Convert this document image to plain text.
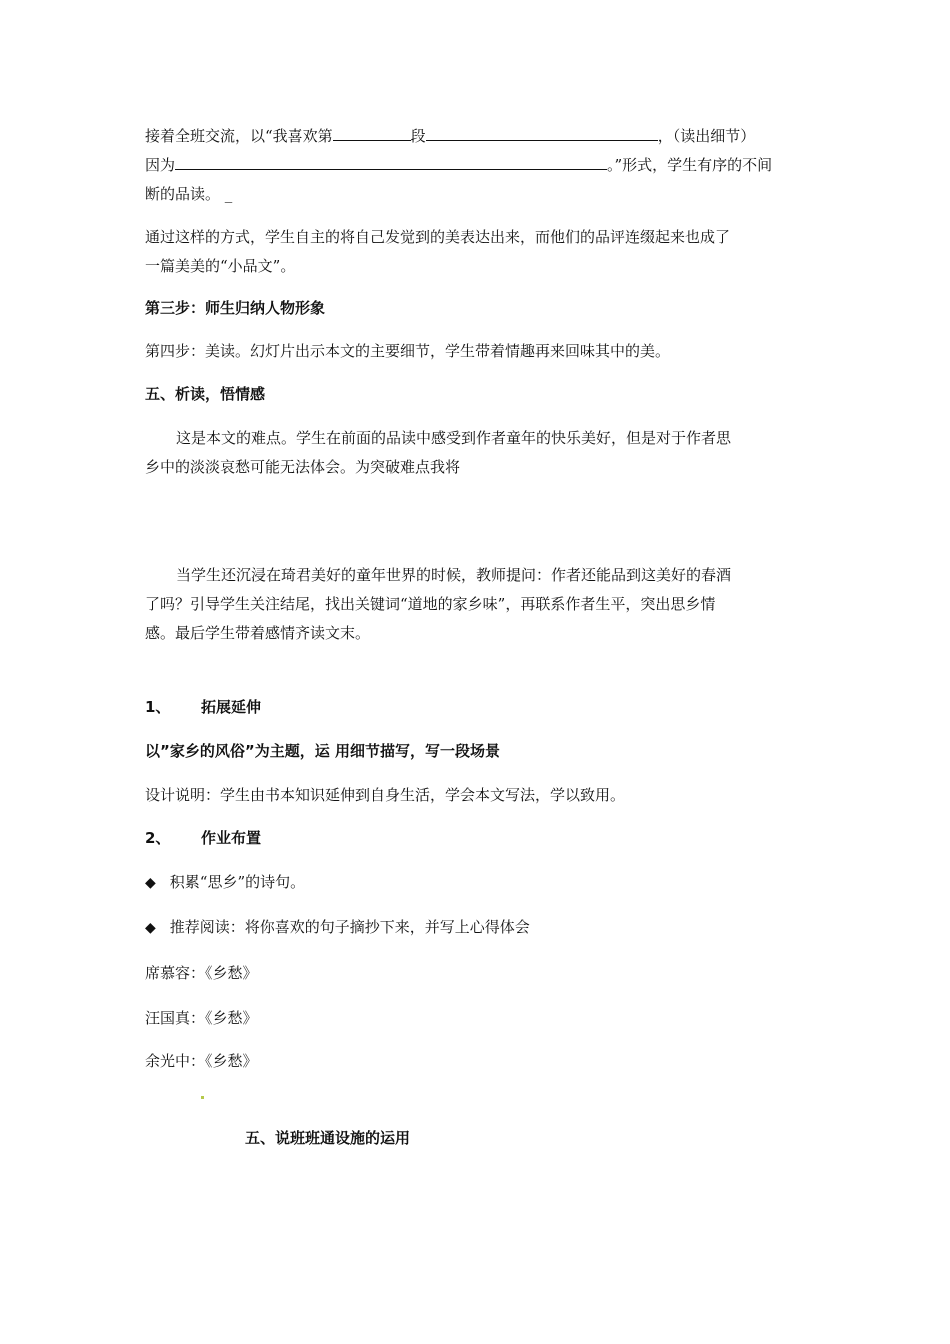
接着全班交流，以“我喜欢第	段	，（读出细节）
因为	。”形式，学生有序的不间
断的品读。 _
通过这样的方式，学生自主的将自己发觉到的美表达出来，而他们的品评连缀起来也成了
一篇美美的“小品文”。
第三步：师生归纳人物形象
第四步：美读。幻灯片出示本文的主要细节，学生带着情趣再来回味其中的美。
五、析读，悟情感
这是本文的难点。学生在前面的品读中感受到作者童年的快乐美好，但是对于作者思
乡中的淡淡哀愁可能无法体会。为突破难点我将
当学生还沉浸在琦君美好的童年世界的时候，教师提问：作者还能品到这美好的春酒
了吗？引导学生关注结尾，找出关键词“道地的家乡味”，再联系作者生平，突出思乡情
感。最后学生带着感情齐读文末。
1、 拓展延伸
以”家乡的风俗”为主题，运 用细节描写，写一段场景
设计说明：学生由书本知识延伸到自身生活，学会本文写法，学以致用。
2、 作业布置
◆ 积累“思乡”的诗句。
◆ 推荐阅读：将你喜欢的句子摘抄下来，并写上心得体会
席慕容：《乡愁》
汪国真：《乡愁》
余光中：《乡愁》
五、说班班通设施的运用
